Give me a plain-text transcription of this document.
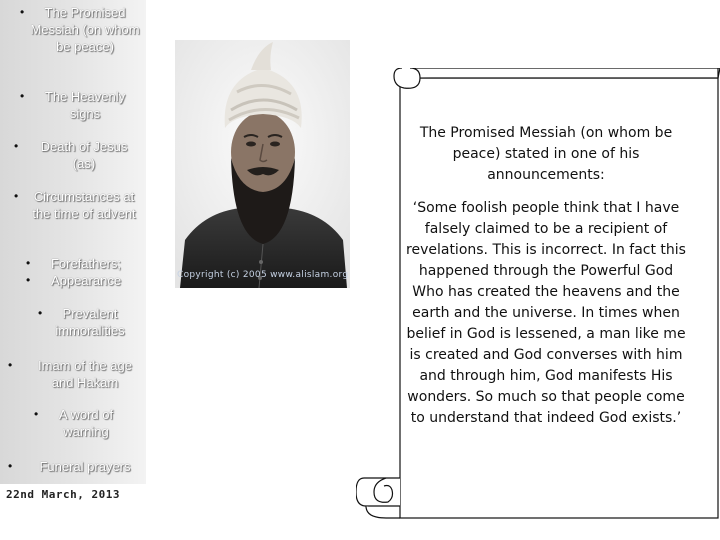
The Promised Messiah (on whom be peace)
•
The Heavenly signs
•
Death of Jesus (as)
•
Circumstances at the time of advent
•
Forefathers; Appearance
•
•
Prevalent immoralities
•
Imam of the age and Hakam
•
A word of warning
•
Funeral prayers
•
22nd March, 2013
Copyright (c) 2005 www.alislam.org

The Promised Messiah (on whom be peace) stated in one of his announcements:

‘Some foolish people think that I have falsely claimed to be a recipient of revelations. This is incorrect. In fact this happened through the Powerful God Who has created the heavens and the earth and the universe. In times when belief in God is lessened, a man like me is created and God converses with him and through him, God manifests His wonders. So much so that people come to understand that indeed God exists.’
